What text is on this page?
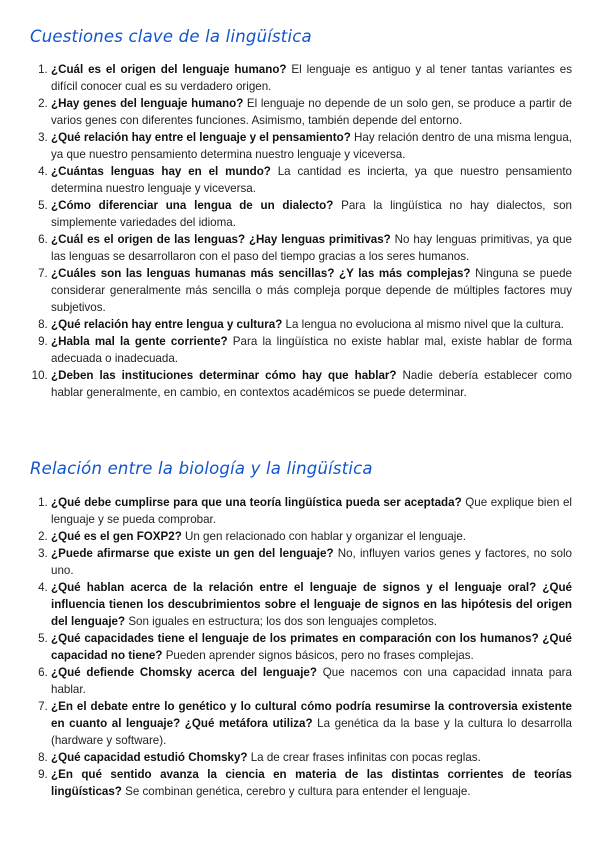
Cuestiones clave de la lingüística
1. ¿Cuál es el origen del lenguaje humano? El lenguaje es antiguo y al tener tantas variantes es difícil conocer cual es su verdadero origen.
2. ¿Hay genes del lenguaje humano? El lenguaje no depende de un solo gen, se produce a partir de varios genes con diferentes funciones. Asimismo, también depende del entorno.
3. ¿Qué relación hay entre el lenguaje y el pensamiento? Hay relación dentro de una misma lengua, ya que nuestro pensamiento determina nuestro lenguaje y viceversa.
4. ¿Cuántas lenguas hay en el mundo? La cantidad es incierta, ya que nuestro pensamiento determina nuestro lenguaje y viceversa.
5. ¿Cómo diferenciar una lengua de un dialecto? Para la lingüística no hay dialectos, son simplemente variedades del idioma.
6. ¿Cuál es el origen de las lenguas? ¿Hay lenguas primitivas? No hay lenguas primitivas, ya que las lenguas se desarrollaron con el paso del tiempo gracias a los seres humanos.
7. ¿Cuáles son las lenguas humanas más sencillas? ¿Y las más complejas? Ninguna se puede considerar generalmente más sencilla o más compleja porque depende de múltiples factores muy subjetivos.
8. ¿Qué relación hay entre lengua y cultura? La lengua no evoluciona al mismo nivel que la cultura.
9. ¿Habla mal la gente corriente? Para la lingüística no existe hablar mal, existe hablar de forma adecuada o inadecuada.
10. ¿Deben las instituciones determinar cómo hay que hablar? Nadie debería establecer como hablar generalmente, en cambio, en contextos académicos se puede determinar.
Relación entre la biología y la lingüística
1. ¿Qué debe cumplirse para que una teoría lingüística pueda ser aceptada? Que explique bien el lenguaje y se pueda comprobar.
2. ¿Qué es el gen FOXP2? Un gen relacionado con hablar y organizar el lenguaje.
3. ¿Puede afirmarse que existe un gen del lenguaje? No, influyen varios genes y factores, no solo uno.
4. ¿Qué hablan acerca de la relación entre el lenguaje de signos y el lenguaje oral? ¿Qué influencia tienen los descubrimientos sobre el lenguaje de signos en las hipótesis del origen del lenguaje? Son iguales en estructura; los dos son lenguajes completos.
5. ¿Qué capacidades tiene el lenguaje de los primates en comparación con los humanos? ¿Qué capacidad no tiene? Pueden aprender signos básicos, pero no frases complejas.
6. ¿Qué defiende Chomsky acerca del lenguaje? Que nacemos con una capacidad innata para hablar.
7. ¿En el debate entre lo genético y lo cultural cómo podría resumirse la controversia existente en cuanto al lenguaje? ¿Qué metáfora utiliza? La genética da la base y la cultura lo desarrolla (hardware y software).
8. ¿Qué capacidad estudió Chomsky? La de crear frases infinitas con pocas reglas.
9. ¿En qué sentido avanza la ciencia en materia de las distintas corrientes de teorías lingüísticas? Se combinan genética, cerebro y cultura para entender el lenguaje.
